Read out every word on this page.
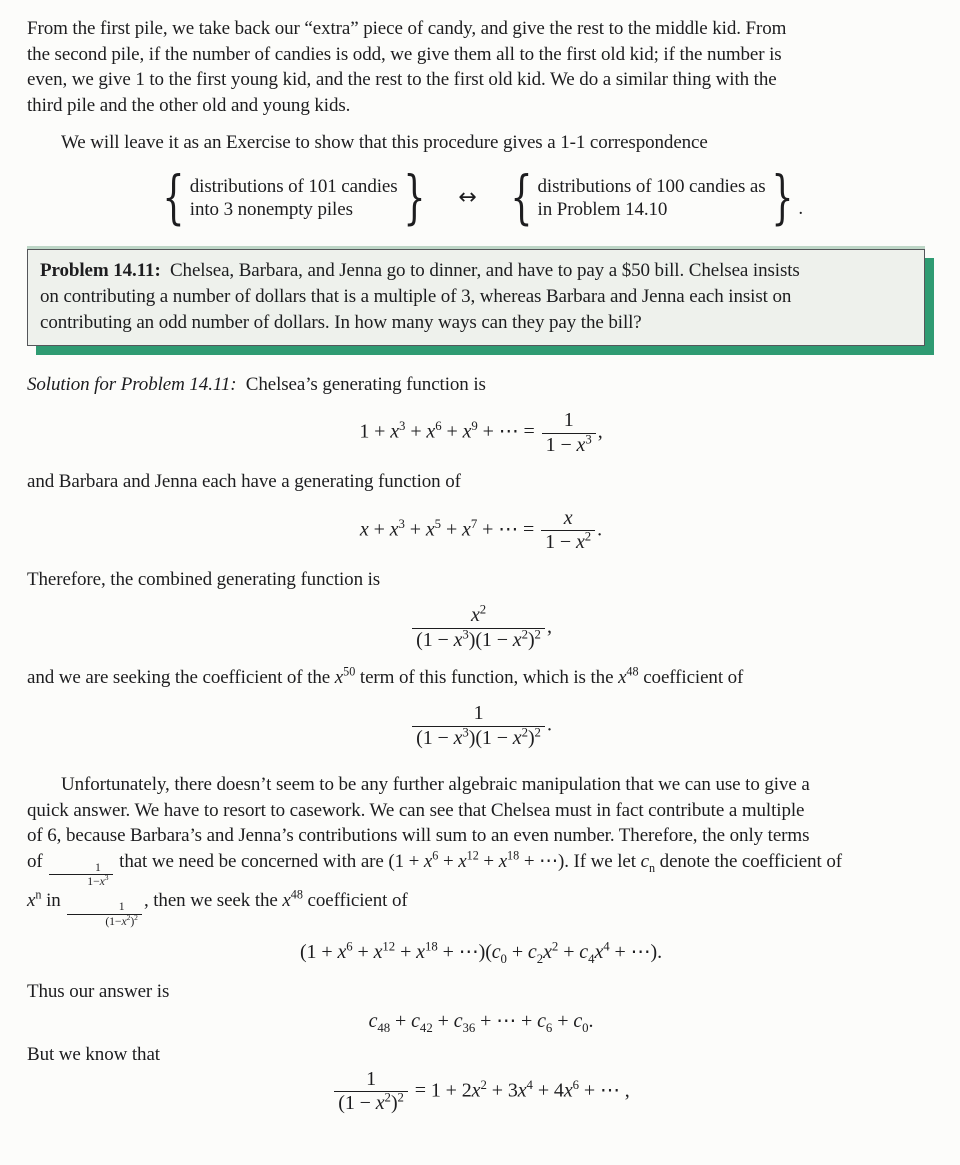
From the first pile, we take back our “extra” piece of candy, and give the rest to the middle kid. From
the second pile, if the number of candies is odd, we give them all to the first old kid; if the number is
even, we give 1 to the first young kid, and the rest to the first old kid. We do a similar thing with the
third pile and the other old and young kids.

We will leave it as an Exercise to show that this procedure gives a 1-1 correspondence

{ distributions of 101 candies
into 3 nonempty piles } ↔ { distributions of 100 candies as
in Problem 14.10	} .
Problem 14.11:  Chelsea, Barbara, and Jenna go to dinner, and have to pay a $50 bill. Chelsea insists
on contributing a number of dollars that is a multiple of 3, whereas Barbara and Jenna each insist on
contributing an odd number of dollars. In how many ways can they pay the bill?

Solution for Problem 14.11:  Chelsea’s generating function is

$1 + x^3 + x^6 + x^9$ + ⋯ = $\frac{1}{1 - x^3}$ ,

and Barbara and Jenna each have a generating function of

$x + x^3 + x^5 + x^7$ + ⋯ = $\frac{x}{1 - x^2}$ .

Therefore, the combined generating function is

$\frac{x^2}{(1 - x^3)(1 - x^2)^2}$ ,

and we are seeking the coefficient of the $x^{50}$ term of this function, which is the $x^{48}$ coefficient of

$\frac{1}{(1 - x^3)(1 - x^2)^2}$ .

Unfortunately, there doesn’t seem to be any further algebraic manipulation that we can use to give a
quick answer. We have to resort to casework. We can see that Chelsea must in fact contribute a multiple
of 6, because Barbara’s and Jenna’s contributions will sum to an even number. Therefore, the only terms
of $\frac{1}{1-x^3}$ that we need be concerned with are ($1 + x^6 + x^{12} + x^{18}$ + ⋯). If we let $c_n$ denote the coefficient of
$x^n$ in $\frac{1}{(1-x^2)^2}$ , then we seek the $x^{48}$ coefficient of

($1 + x^6 + x^{12} + x^{18}$ + $\cdots)(c_0 + c_2x^2 + c_4x^4$ + ⋯).

Thus our answer is

$c_{48} + c_{42} + c_{36}$ + ⋯ + $c_6 + c_0$.

But we know that

$\frac{1}{(1 - x^2)^2} = 1 + 2x^2 + 3x^4 + 4x^6$ + ⋯ ,
